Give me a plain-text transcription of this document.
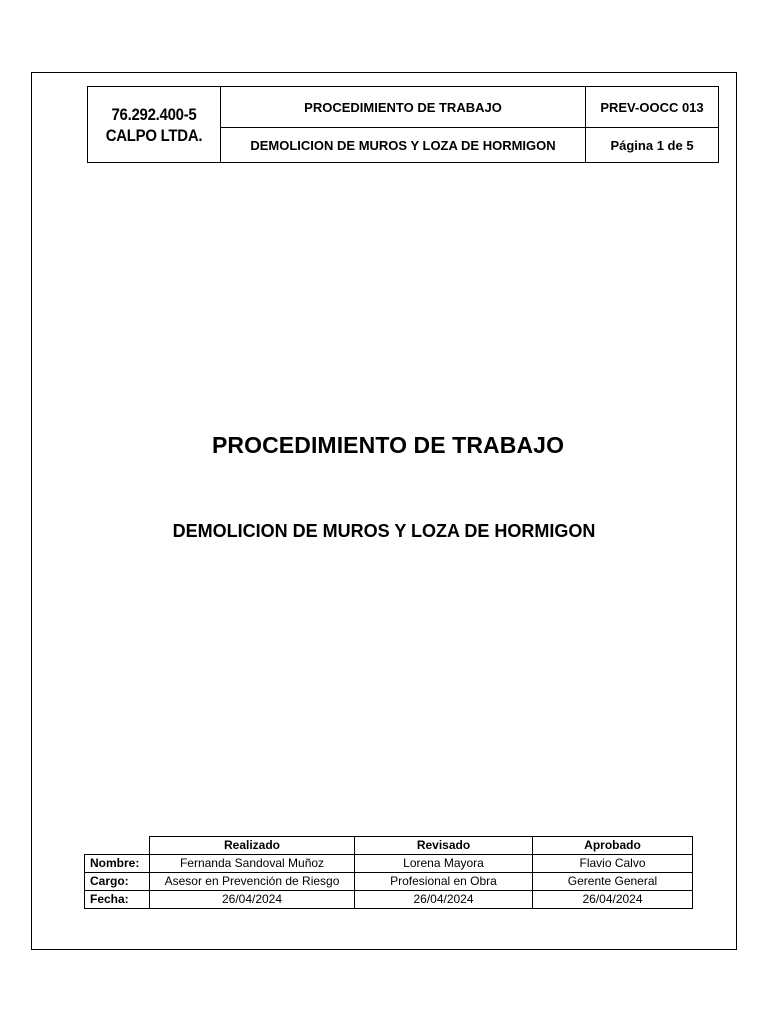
76.292.400-5
CALPO LTDA.	PROCEDIMIENTO DE TRABAJO	PREV-OOCC 013
	DEMOLICION DE MUROS Y LOZA DE HORMIGON	Página 1 de 5
PROCEDIMIENTO DE TRABAJO
DEMOLICION DE MUROS Y LOZA DE HORMIGON
	Realizado	Revisado	Aprobado
Nombre:	Fernanda Sandoval Muñoz	Lorena Mayora	Flavio Calvo
Cargo:	Asesor en Prevención de Riesgo	Profesional en Obra	Gerente General
Fecha:	26/04/2024	26/04/2024	26/04/2024
